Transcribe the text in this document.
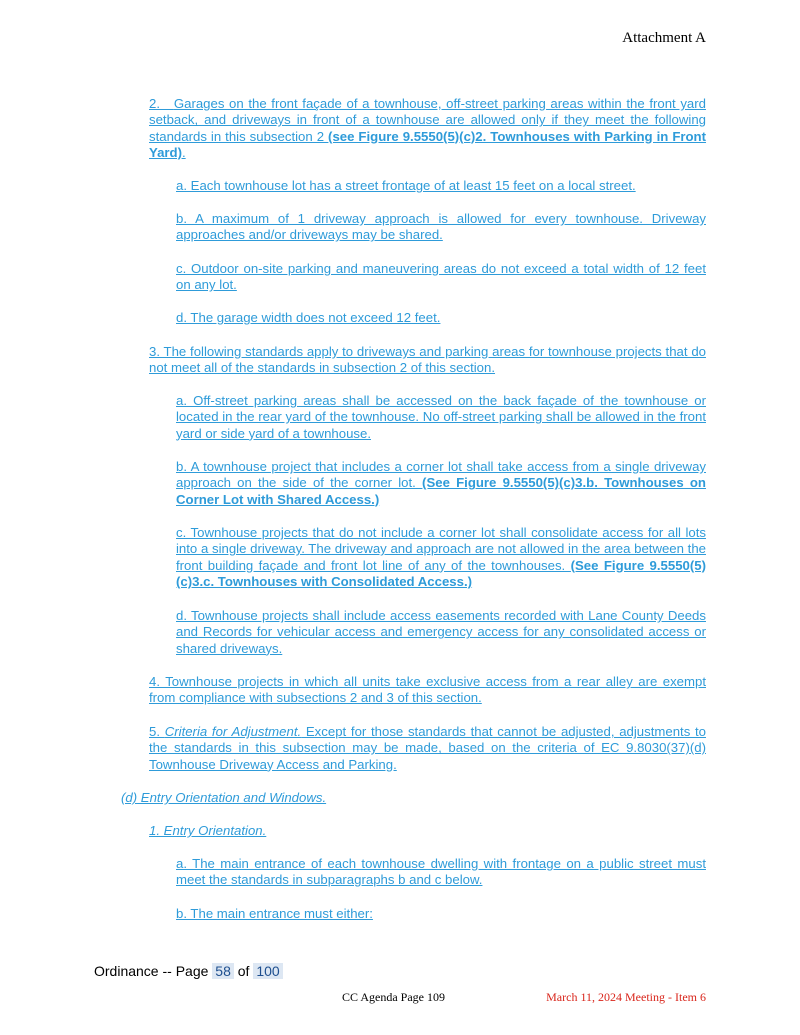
Attachment A

2. Garages on the front façade of a townhouse, off-street parking areas within the front yard setback, and driveways in front of a townhouse are allowed only if they meet the following standards in this subsection 2 (see Figure 9.5550(5)(c)2. Townhouses with Parking in Front Yard).

a. Each townhouse lot has a street frontage of at least 15 feet on a local street.

b. A maximum of 1 driveway approach is allowed for every townhouse. Driveway approaches and/or driveways may be shared.

c. Outdoor on-site parking and maneuvering areas do not exceed a total width of 12 feet on any lot.

d. The garage width does not exceed 12 feet.

3. The following standards apply to driveways and parking areas for townhouse projects that do not meet all of the standards in subsection 2 of this section.

a. Off-street parking areas shall be accessed on the back façade of the townhouse or located in the rear yard of the townhouse. No off-street parking shall be allowed in the front yard or side yard of a townhouse.

b. A townhouse project that includes a corner lot shall take access from a single driveway approach on the side of the corner lot. (See Figure 9.5550(5)(c)3.b. Townhouses on Corner Lot with Shared Access.)

c. Townhouse projects that do not include a corner lot shall consolidate access for all lots into a single driveway. The driveway and approach are not allowed in the area between the front building façade and front lot line of any of the townhouses. (See Figure 9.5550(5)(c)3.c. Townhouses with Consolidated Access.)

d. Townhouse projects shall include access easements recorded with Lane County Deeds and Records for vehicular access and emergency access for any consolidated access or shared driveways.

4. Townhouse projects in which all units take exclusive access from a rear alley are exempt from compliance with subsections 2 and 3 of this section.

5. Criteria for Adjustment. Except for those standards that cannot be adjusted, adjustments to the standards in this subsection may be made, based on the criteria of EC 9.8030(37)(d) Townhouse Driveway Access and Parking.

(d) Entry Orientation and Windows.

1. Entry Orientation.

a. The main entrance of each townhouse dwelling with frontage on a public street must meet the standards in subparagraphs b and c below.

b. The main entrance must either:

Ordinance -- Page 58 of 100
CC Agenda Page 109	March 11, 2024 Meeting - Item 6
